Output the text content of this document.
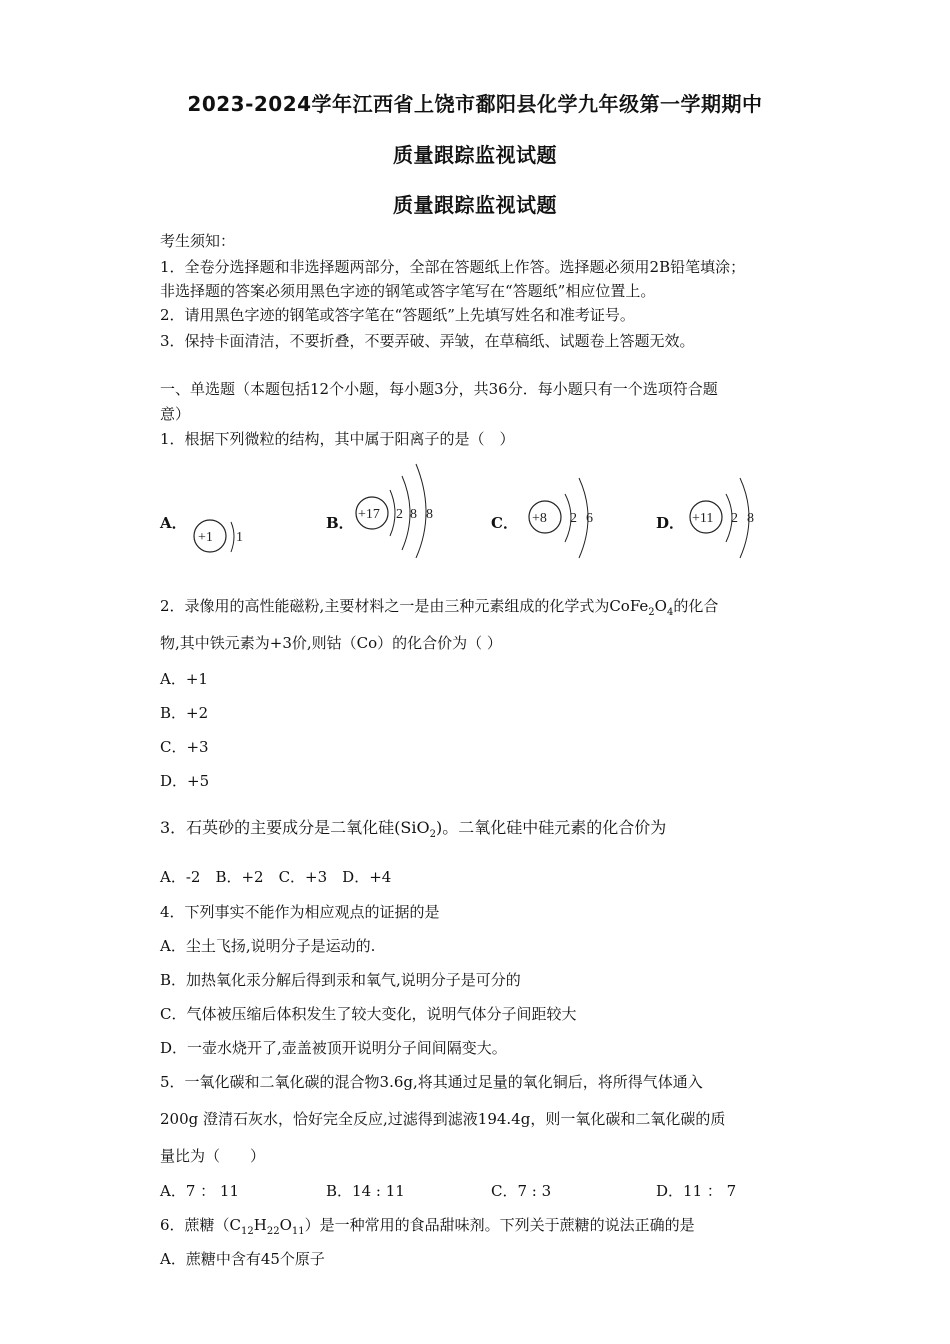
2023-2024学年江西省上饶市鄱阳县化学九年级第一学期期中
质量跟踪监视试题
质量跟踪监视试题
考生须知：
1．全卷分选择题和非选择题两部分，全部在答题纸上作答。选择题必须用2B铅笔填涂；
非选择题的答案必须用黑色字迹的钢笔或答字笔写在“答题纸”相应位置上。
2．请用黑色字迹的钢笔或答字笔在“答题纸”上先填写姓名和准考证号。
3．保持卡面清洁，不要折叠，不要弄破、弄皱，在草稿纸、试题卷上答题无效。
一、单选题（本题包括12个小题，每小题3分，共36分．每小题只有一个选项符合题
意）
1．根据下列微粒的结构，其中属于阳离子的是（　）
A．
+1 1
B． +17 2 8 8	C． +8 2 6	D． +11 2 8
2．录像用的高性能磁粉,主要材料之一是由三种元素组成的化学式为$CoFe_2O_4$的化合
物,其中铁元素为+3价,则钴（Co）的化合价为（ ）
A．+1
B．+2
C．+3
D．+5
3．石英砂的主要成分是二氧化硅(SiO$_2$)。二氧化硅中硅元素的化合价为
A．-2　B．+2　C．+3　D．+4
4．下列事实不能作为相应观点的证据的是
A．尘土飞扬,说明分子是运动的.
B．加热氧化汞分解后得到汞和氧气,说明分子是可分的
C．气体被压缩后体积发生了较大变化，说明气体分子间距较大
D．一壶水烧开了,壶盖被顶开说明分子间间隔变大。
5．一氧化碳和二氧化碳的混合物3.6g,将其通过足量的氧化铜后，将所得气体通入
200g 澄清石灰水，恰好完全反应,过滤得到滤液194.4g，则一氧化碳和二氧化碳的质
量比为（　　）
A．7 ： 11	B．14 : 11	C．7 : 3	D．11 ： 7
6．蔗糖$(C_{12}H_{22}O_{11})$是一种常用的食品甜味剂。下列关于蔗糖的说法正确的是
A．蔗糖中含有45个原子
